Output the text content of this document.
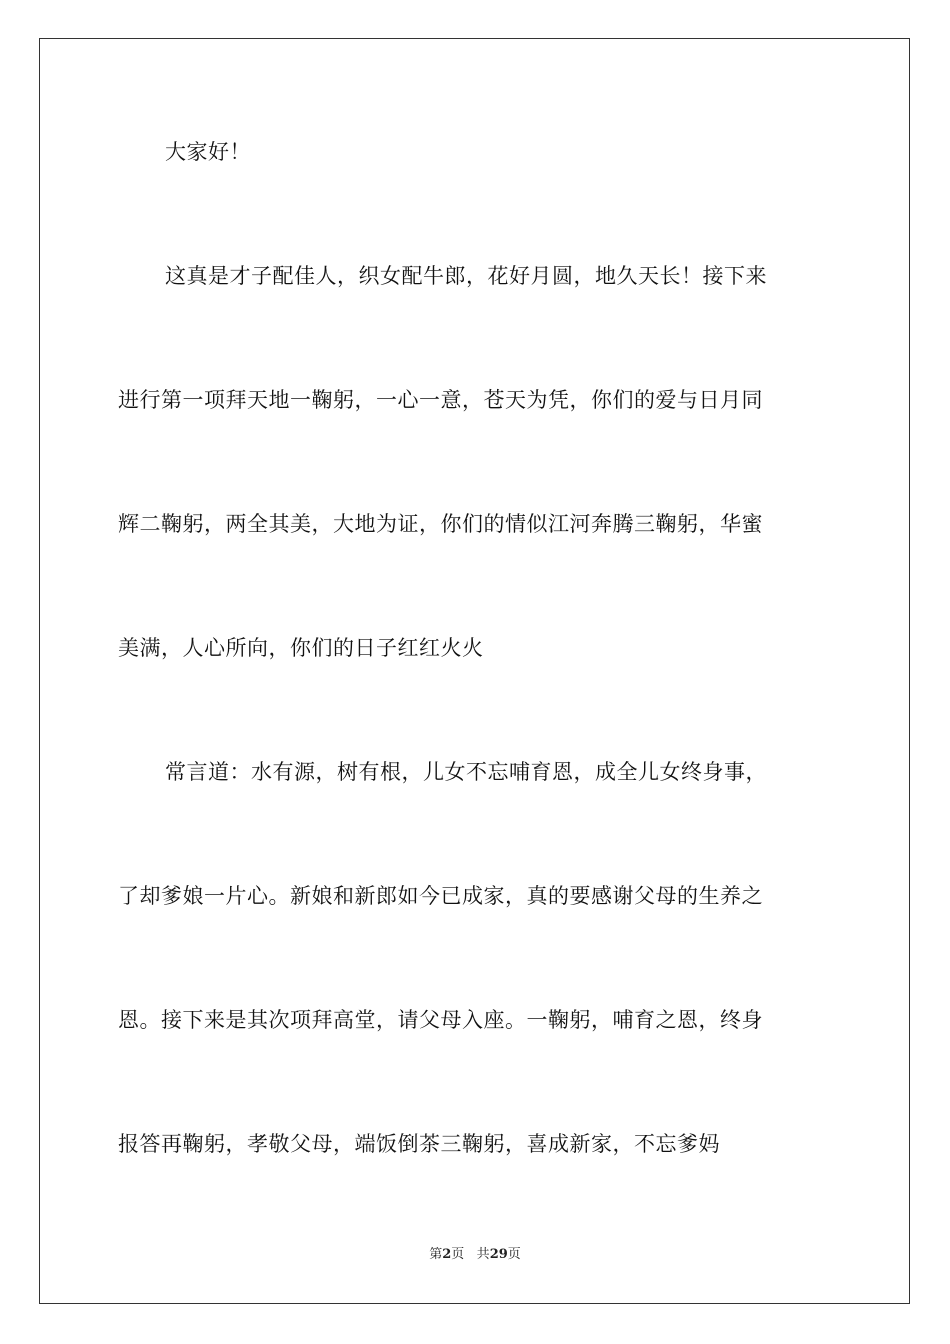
大家好！
这真是才子配佳人，织女配牛郎，花好月圆，地久天长！接下来
进行第一项拜天地一鞠躬，一心一意，苍天为凭，你们的爱与日月同
辉二鞠躬，两全其美，大地为证，你们的情似江河奔腾三鞠躬，华蜜
美满，人心所向，你们的日子红红火火
常言道：水有源，树有根，儿女不忘哺育恩，成全儿女终身事，
了却爹娘一片心。新娘和新郎如今已成家，真的要感谢父母的生养之
恩。接下来是其次项拜高堂，请父母入座。一鞠躬，哺育之恩，终身
报答再鞠躬，孝敬父母，端饭倒茶三鞠躬，喜成新家，不忘爹妈
第2页 共29页
